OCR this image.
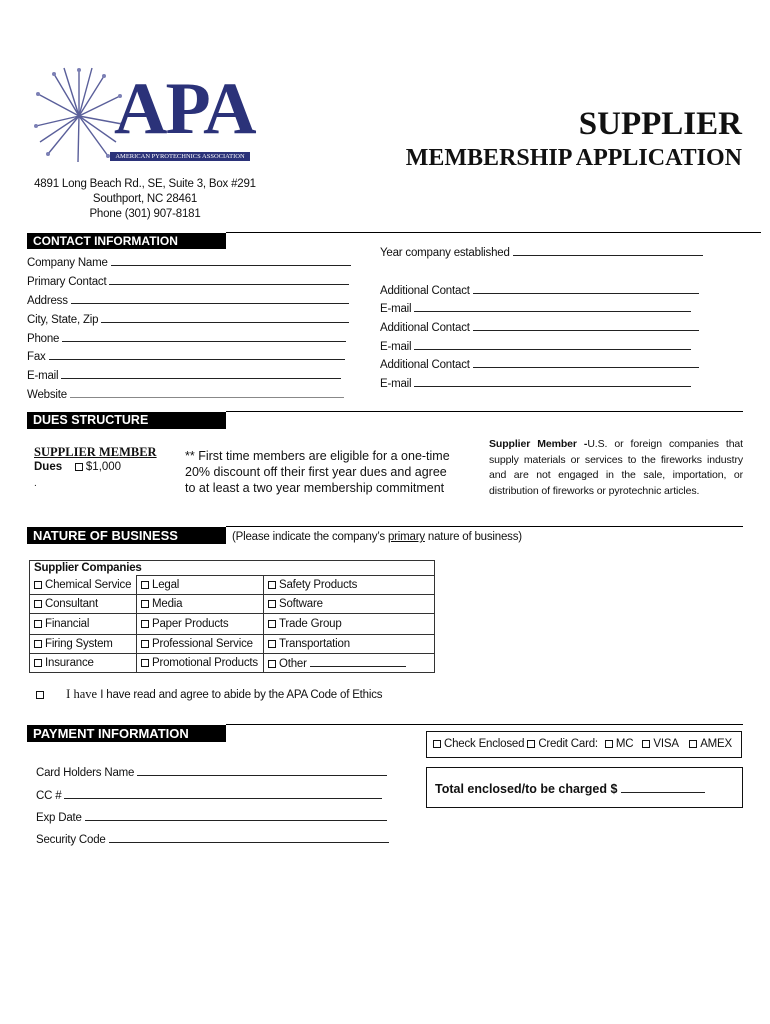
APA
AMERICAN PYROTECHNICS ASSOCIATION
SUPPLIER
MEMBERSHIP APPLICATION
4891 Long Beach Rd., SE, Suite 3, Box #291
Southport, NC 28461
Phone (301) 907-8181
CONTACT INFORMATION
Company Name
Primary Contact
Address
City, State, Zip
Phone
Fax
E-mail
Website
Year company established
Additional Contact
E-mail
Additional Contact
E-mail
Additional Contact
E-mail
DUES STRUCTURE
SUPPLIER MEMBER
Dues $1,000
.
** First time members are eligible for a one-time
20% discount off their first year dues and agree
to at least a two year membership commitment
Supplier Member -U.S. or foreign companies that supply materials or services to the fireworks industry and are not engaged in the sale, importation, or distribution of fireworks or pyrotechnic articles.
NATURE OF BUSINESS	(Please indicate the company’s primary nature of business)
Supplier Companies		
Chemical Service	Legal	Safety Products
Consultant	Media	Software
Financial	Paper Products	Trade Group
Firing System	Professional Service	Transportation
Insurance	Promotional Products	Other
I have I have read and agree to abide by the APA Code of Ethics
PAYMENT INFORMATION
Check Enclosed Credit Card: MC VISA AMEX
Total enclosed/to be charged $
Card Holders Name
CC #
Exp Date
Security Code
